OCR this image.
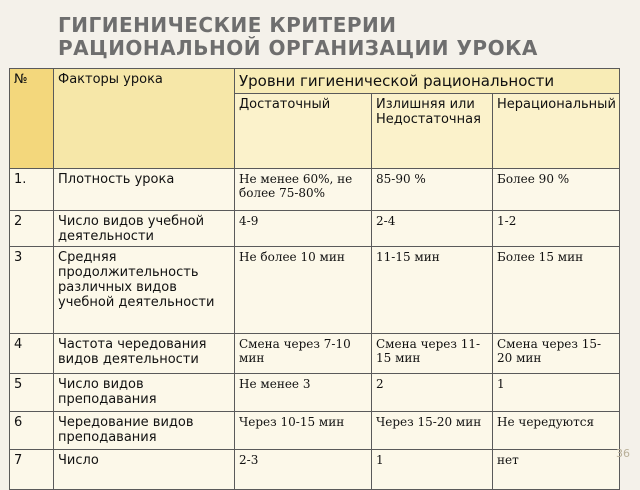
ГИГИЕНИЧЕСКИЕ КРИТЕРИИ
РАЦИОНАЛЬНОЙ ОРГАНИЗАЦИИ УРОКА
№	Факторы урока	Уровни гигиенической рациональности		
		Достаточный	Излишняя или Недостаточная	Нерациональный

1.	Плотность урока	Не менее 60%, не более 75-80%	85-90 %	Более 90 %
2	Число видов учебной деятельности	4-9	2-4	1-2
3	Средняя продолжительность различных видов учебной деятельности	Не более 10 мин	11-15 мин	Более 15 мин
4	Частота чередования видов деятельности	Смена через 7-10 мин	Смена через 11-15 мин	Смена через 15-20 мин
5	Число видов преподавания	Не менее 3	2	1
6	Чередование видов преподавания	Через 10-15 мин	Через 15-20 мин	Не чередуются
7	Число	2-3	1	нет	36
